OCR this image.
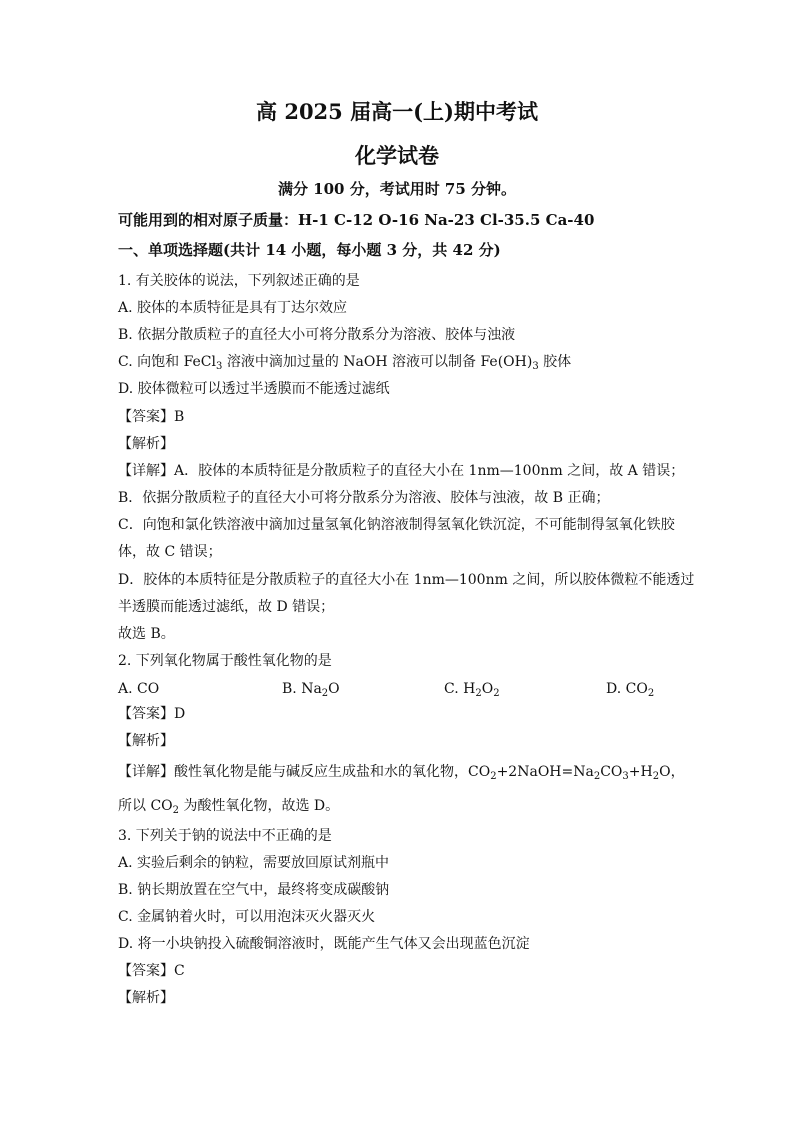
高 2025 届高一(上)期中考试
化学试卷
满分 100 分，考试用时 75 分钟。
可能用到的相对原子质量：H-1 C-12 O-16 Na-23 Cl-35.5 Ca-40
一、单项选择题(共计 14 小题，每小题 3 分，共 42 分)
1. 有关胶体的说法，下列叙述正确的是
A. 胶体的本质特征是具有丁达尔效应
B. 依据分散质粒子的直径大小可将分散系分为溶液、胶体与浊液
C. 向饱和 FeCl$_3$ 溶液中滴加过量的 NaOH 溶液可以制备 $Fe(OH)_3$ 胶体
D. 胶体微粒可以透过半透膜而不能透过滤纸
【答案】B
【解析】
【详解】A．胶体的本质特征是分散质粒子的直径大小在 1nm—100nm 之间，故 A 错误；
B．依据分散质粒子的直径大小可将分散系分为溶液、胶体与浊液，故 B 正确；
C．向饱和氯化铁溶液中滴加过量氢氧化钠溶液制得氢氧化铁沉淀，不可能制得氢氧化铁胶
体，故 C 错误；
D．胶体的本质特征是分散质粒子的直径大小在 1nm—100nm 之间，所以胶体微粒不能透过
半透膜而能透过滤纸，故 D 错误；
故选 B。
2. 下列氧化物属于酸性氧化物的是
A. CO	B. $Na_2O$	C. $H_2O_2$	D. $CO_2$
【答案】D
【解析】
【详解】酸性氧化物是能与碱反应生成盐和水的氧化物，$CO_2+2NaOH=Na_2CO_3+H_2O$，
所以 $CO_2$ 为酸性氧化物，故选 D。
3. 下列关于钠的说法中不正确的是
A. 实验后剩余的钠粒，需要放回原试剂瓶中
B. 钠长期放置在空气中，最终将变成碳酸钠
C. 金属钠着火时，可以用泡沫灭火器灭火
D. 将一小块钠投入硫酸铜溶液时，既能产生气体又会出现蓝色沉淀
【答案】C
【解析】
